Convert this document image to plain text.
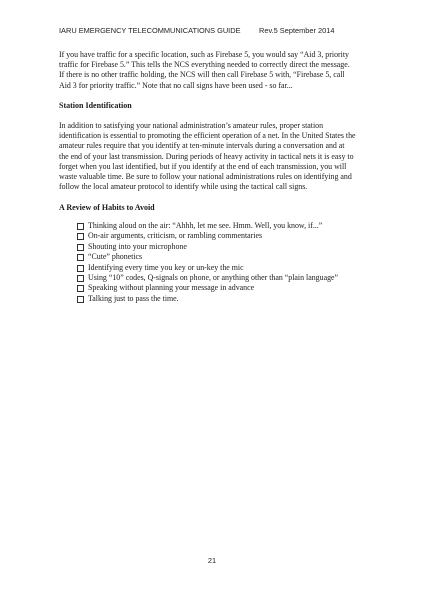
IARU EMERGENCY TELECOMMUNICATIONS GUIDE Rev.5 September 2014

If you have traffic for a specific location, such as Firebase 5, you would say “Aid 3, priority
traffic for Firebase 5.” This tells the NCS everything needed to correctly direct the message.
If there is no other traffic holding, the NCS will then call Firebase 5 with, “Firebase 5, call
Aid 3 for priority traffic.” Note that no call signs have been used - so far...

Station Identification

In addition to satisfying your national administration’s amateur rules, proper station
identification is essential to promoting the efficient operation of a net. In the United States the
amateur rules require that you identify at ten-minute intervals during a conversation and at
the end of your last transmission. During periods of heavy activity in tactical nets it is easy to
forget when you last identified, but if you identify at the end of each transmission, you will
waste valuable time. Be sure to follow your national administrations rules on identifying and
follow the local amateur protocol to identify while using the tactical call signs.

A Review of Habits to Avoid

Thinking aloud on the air: “Ahhh, let me see. Hmm. Well, you know, if...”
On-air arguments, criticism, or rambling commentaries
Shouting into your microphone
“Cute” phonetics
Identifying every time you key or un-key the mic
Using “10” codes, Q-signals on phone, or anything other than “plain language”
Speaking without planning your message in advance
Talking just to pass the time.
21
